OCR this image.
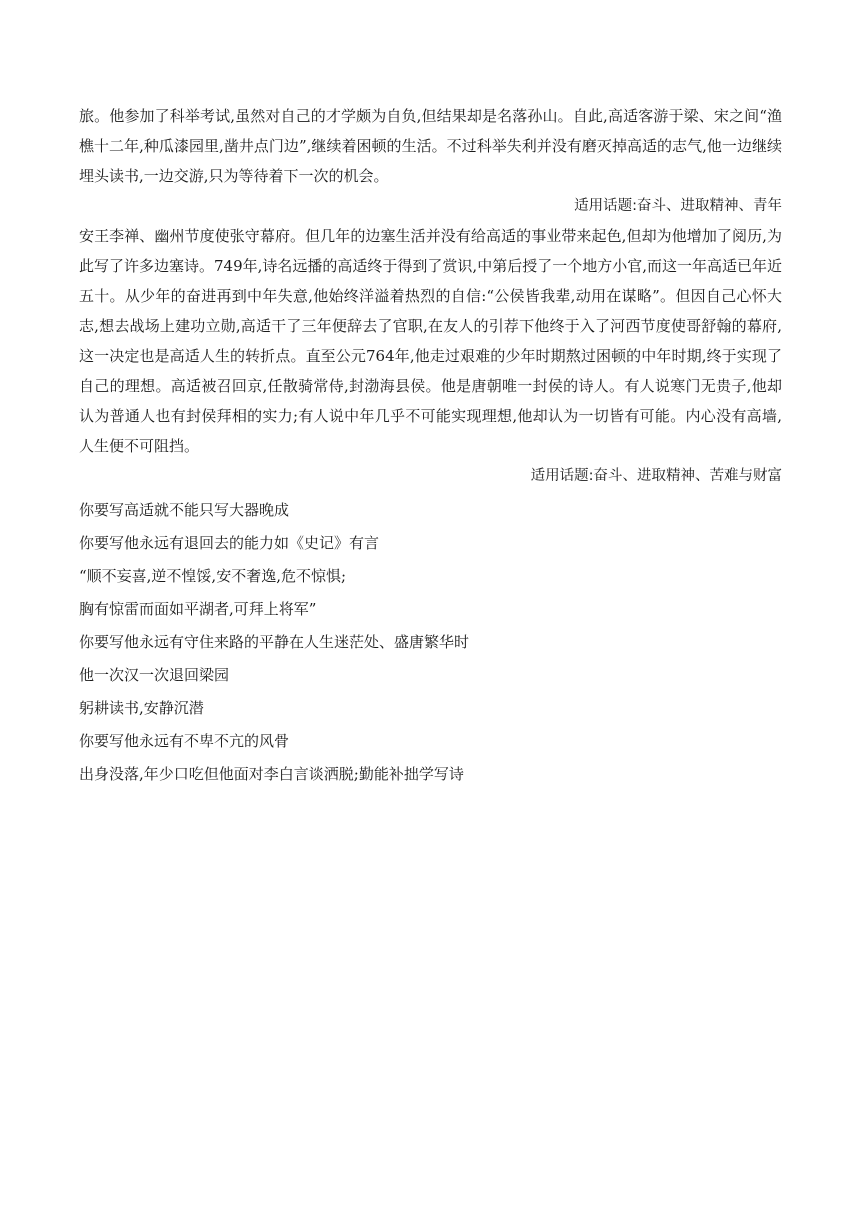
旅。他参加了科举考试,虽然对自己的才学颇为自负,但结果却是名落孙山。自此,高适客游于梁、宋之间“渔樵十二年,种瓜漆园里,凿井点门边”,继续着困顿的生活。不过科举失利并没有磨灭掉高适的志气,他一边继续埋头读书,一边交游,只为等待着下一次的机会。

适用话题:奋斗、进取精神、青年

安王李禅、幽州节度使张守幕府。但几年的边塞生活并没有给高适的事业带来起色,但却为他增加了阅历,为此写了许多边塞诗。749年,诗名远播的高适终于得到了赏识,中第后授了一个地方小官,而这一年高适已年近五十。从少年的奋进再到中年失意,他始终洋溢着热烈的自信:“公侯皆我辈,动用在谋略”。但因自己心怀大志,想去战场上建功立勋,高适干了三年便辞去了官职,在友人的引荐下他终于入了河西节度使哥舒翰的幕府,这一决定也是高适人生的转折点。直至公元764年,他走过艰难的少年时期熬过困顿的中年时期,终于实现了自己的理想。高适被召回京,任散骑常侍,封渤海县侯。他是唐朝唯一封侯的诗人。有人说寒门无贵子,他却认为普通人也有封侯拜相的实力;有人说中年几乎不可能实现理想,他却认为一切皆有可能。内心没有高墙,人生便不可阻挡。

适用话题:奋斗、进取精神、苦难与财富

你要写高适就不能只写大器晚成

你要写他永远有退回去的能力如《史记》有言

“顺不妄喜,逆不惶馁,安不奢逸,危不惊惧;

胸有惊雷而面如平湖者,可拜上将军”

你要写他永远有守住来路的平静在人生迷茫处、盛唐繁华时

他一次汉一次退回梁园

躬耕读书,安静沉潜

你要写他永远有不卑不亢的风骨

出身没落,年少口吃但他面对李白言谈洒脱;勤能补拙学写诗
